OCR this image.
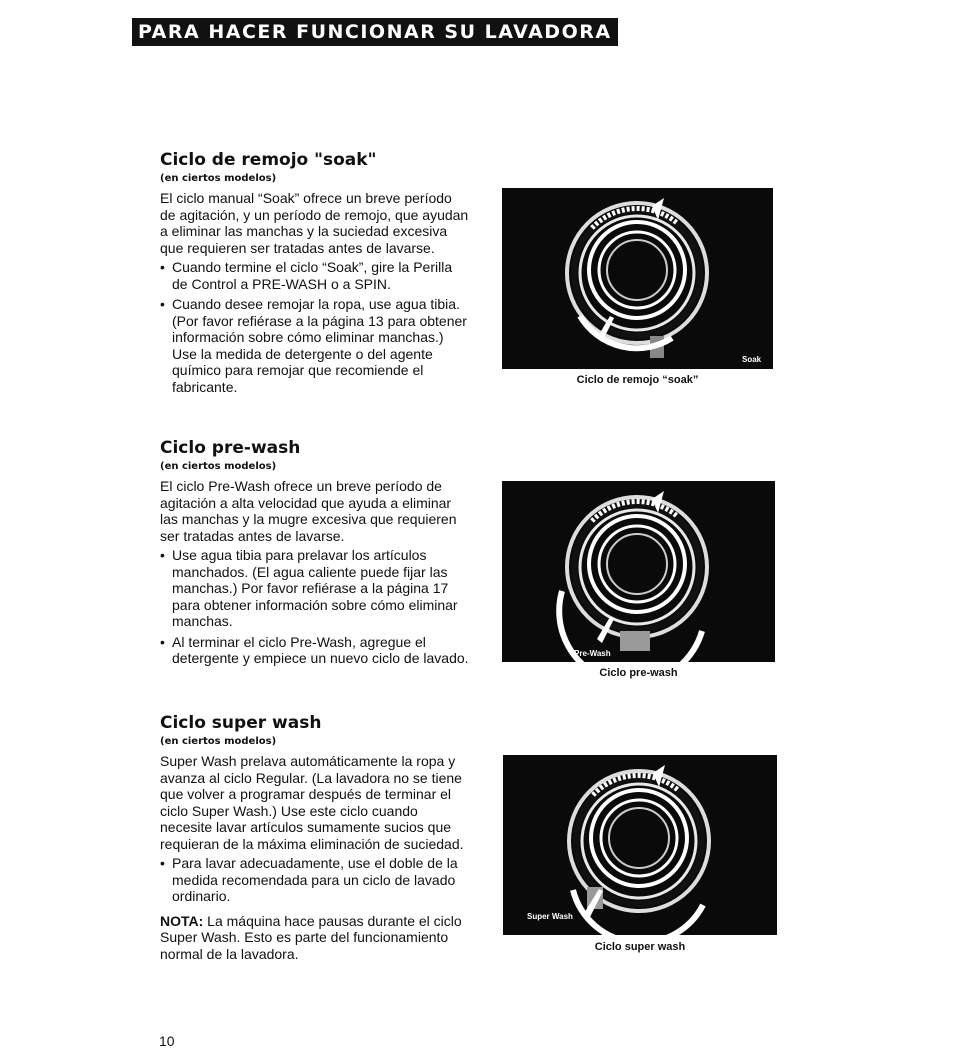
PARA HACER FUNCIONAR SU LAVADORA
Ciclo de remojo "soak"
(en ciertos modelos)

El ciclo manual “Soak” ofrece un breve período de agitación, y un período de remojo, que ayudan a eliminar las manchas y la suciedad excesiva que requieren ser tratadas antes de lavarse.

• Cuando termine el ciclo “Soak”, gire la Perilla de Control a PRE-WASH o a SPIN.
• Cuando desee remojar la ropa, use agua tibia. (Por favor refiérase a la página 13 para obtener información sobre cómo eliminar manchas.) Use la medida de detergente o del agente químico para remojar que recomiende el fabricante.
Ciclo pre-wash
(en ciertos modelos)

El ciclo Pre-Wash ofrece un breve período de agitación a alta velocidad que ayuda a eliminar las manchas y la mugre excesiva que requieren ser tratadas antes de lavarse.

• Use agua tibia para prelavar los artículos manchados. (El agua caliente puede fijar las manchas.) Por favor refiérase a la página 17 para obtener información sobre cómo eliminar manchas.
• Al terminar el ciclo Pre-Wash, agregue el detergente y empiece un nuevo ciclo de lavado.
Ciclo super wash
(en ciertos modelos)

Super Wash prelava automáticamente la ropa y avanza al ciclo Regular. (La lavadora no se tiene que volver a programar después de terminar el ciclo Super Wash.) Use este ciclo cuando necesite lavar artículos sumamente sucios que requieran de la máxima eliminación de suciedad.

• Para lavar adecuadamente, use el doble de la medida recomendada para un ciclo de lavado ordinario.
NOTA: La máquina hace pausas durante el ciclo Super Wash. Esto es parte del funcionamiento normal de la lavadora.
Soak
Ciclo de remojo “soak”
Pre-Wash
Ciclo pre-wash
Super Wash
Ciclo super wash
10
